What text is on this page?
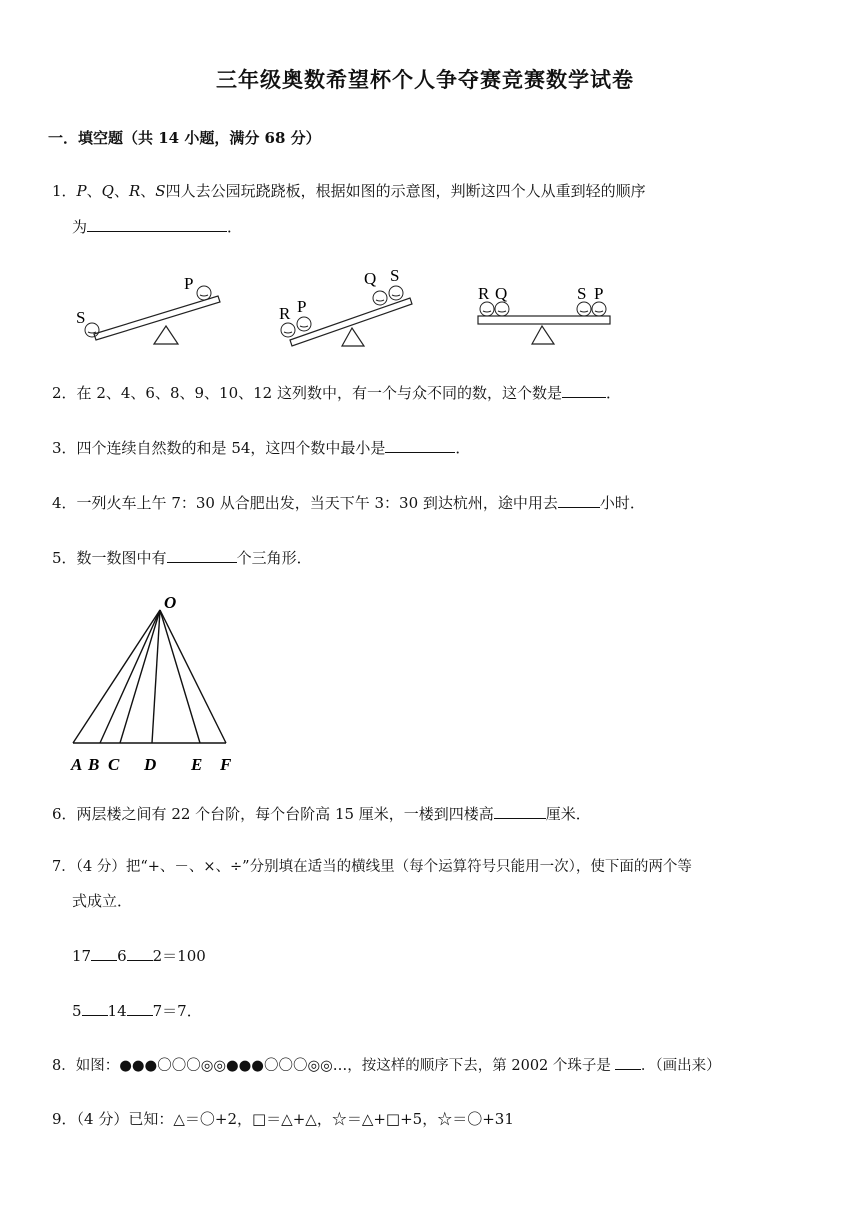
三年级奥数希望杯个人争夺赛竞赛数学试卷
一．填空题（共 14 小题，满分 68 分）
1．P、Q、R、S四人去公园玩跷跷板，根据如图的示意图，判断这四个人从重到轻的顺序
为	．
S
P
R P
Q S
R Q	S P
2．在 2、4、6、8、9、10、12 这列数中，有一个与众不同的数，这个数是	．
3．四个连续自然数的和是 54，这四个数中最小是	．
4．一列火车上午 7：30 从合肥出发，当天下午 3：30 到达杭州，途中用去	小时．
5．数一数图中有	个三角形．
O
A B C D E F
6．两层楼之间有 22 个台阶，每个台阶高 15 厘米，一楼到四楼高	厘米．
7．（4 分）把“+、－、×、÷”分别填在适当的横线里（每个运算符号只能用一次），使下面的两个等
式成立．
17 6 2＝100
5 14 7＝7．
8．如图：●●●〇〇〇◎◎●●●〇〇〇◎◎…，按这样的顺序下去，第 2002 个珠子是 ．（画出来）
9．（4 分）已知：△＝〇+2，□＝△+△，☆＝△+□+5，☆＝〇+31
